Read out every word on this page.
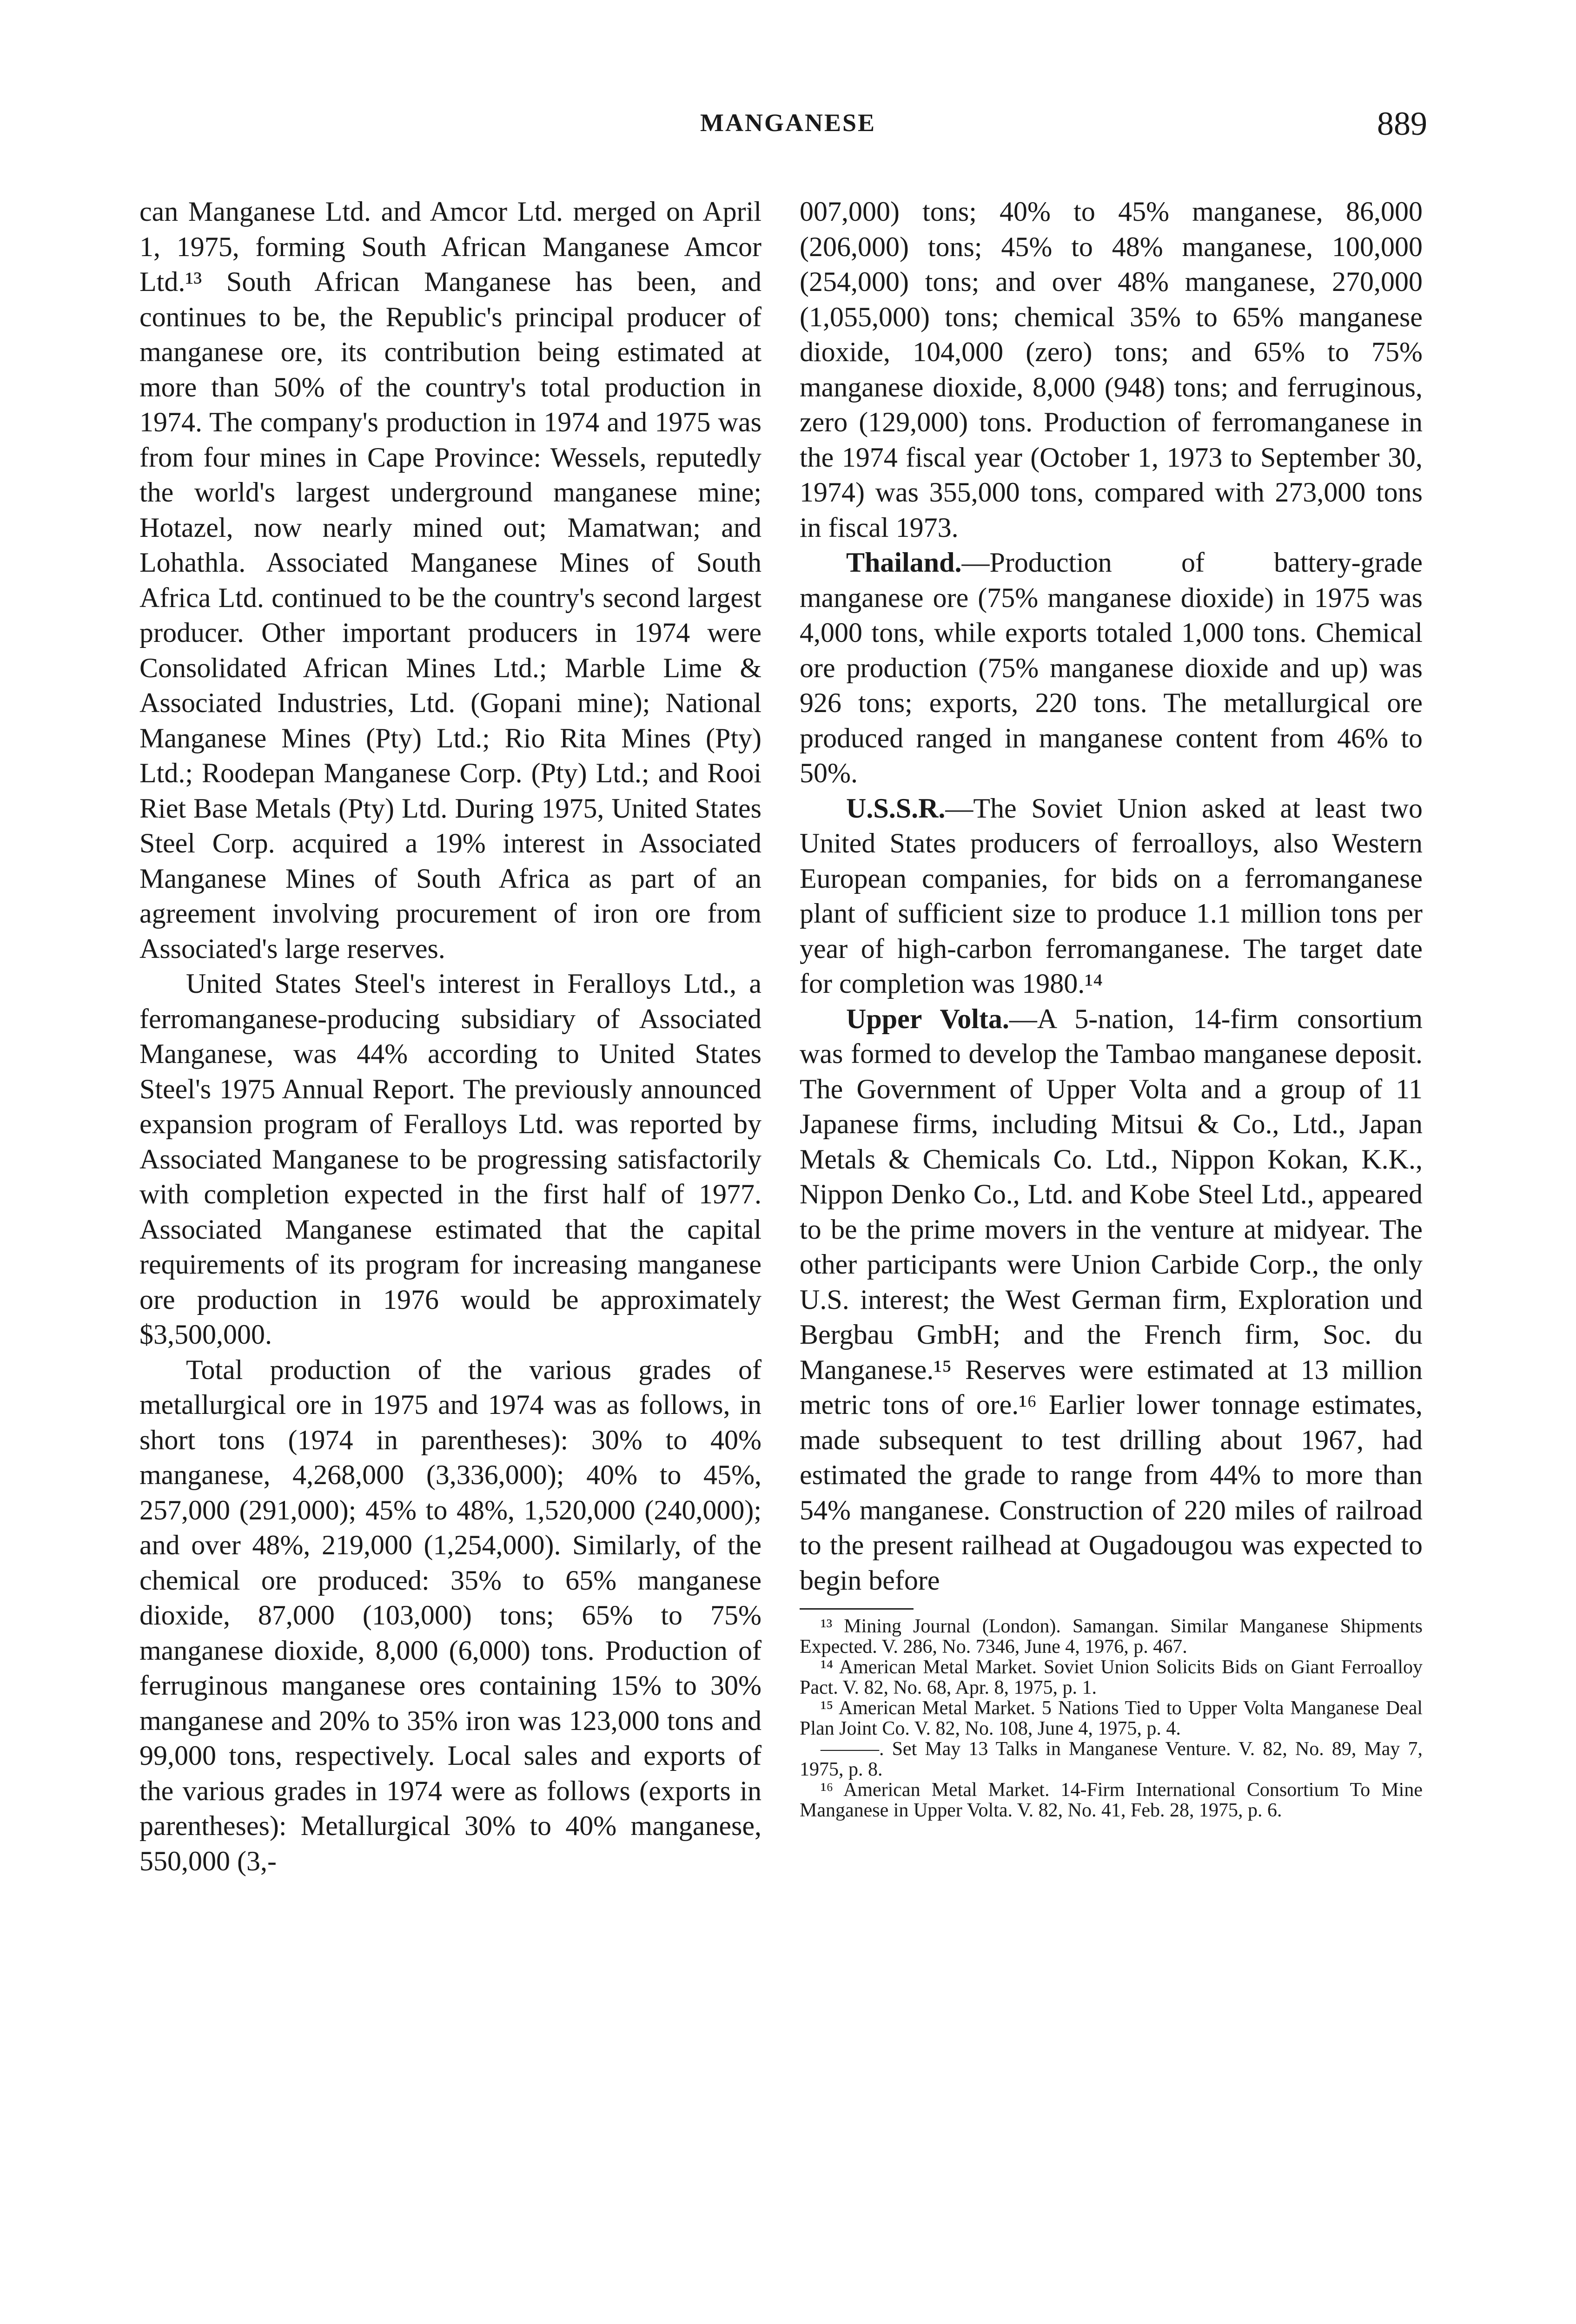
MANGANESE	889

can Manganese Ltd. and Amcor Ltd. merged on April 1, 1975, forming South African Manganese Amcor Ltd.¹³ South African Manganese has been, and continues to be, the Republic's principal producer of manganese ore, its contribution being estimated at more than 50% of the country's total production in 1974. The company's production in 1974 and 1975 was from four mines in Cape Province: Wessels, reputedly the world's largest underground manganese mine; Hotazel, now nearly mined out; Mamatwan; and Lohathla. Associated Manganese Mines of South Africa Ltd. continued to be the country's second largest producer. Other important producers in 1974 were Consolidated African Mines Ltd.; Marble Lime & Associated Industries, Ltd. (Gopani mine); National Manganese Mines (Pty) Ltd.; Rio Rita Mines (Pty) Ltd.; Roodepan Manganese Corp. (Pty) Ltd.; and Rooi Riet Base Metals (Pty) Ltd. During 1975, United States Steel Corp. acquired a 19% interest in Associated Manganese Mines of South Africa as part of an agreement involving procurement of iron ore from Associated's large reserves.

United States Steel's interest in Feralloys Ltd., a ferromanganese-producing subsidiary of Associated Manganese, was 44% according to United States Steel's 1975 Annual Report. The previously announced expansion program of Feralloys Ltd. was reported by Associated Manganese to be progressing satisfactorily with completion expected in the first half of 1977. Associated Manganese estimated that the capital requirements of its program for increasing manganese ore production in 1976 would be approximately $3,500,000.

Total production of the various grades of metallurgical ore in 1975 and 1974 was as follows, in short tons (1974 in parentheses): 30% to 40% manganese, 4,268,000 (3,336,000); 40% to 45%, 257,000 (291,000); 45% to 48%, 1,520,000 (240,000); and over 48%, 219,000 (1,254,000). Similarly, of the chemical ore produced: 35% to 65% manganese dioxide, 87,000 (103,000) tons; 65% to 75% manganese dioxide, 8,000 (6,000) tons. Production of ferruginous manganese ores containing 15% to 30% manganese and 20% to 35% iron was 123,000 tons and 99,000 tons, respectively. Local sales and exports of the various grades in 1974 were as follows (exports in parentheses): Metallurgical 30% to 40% manganese, 550,000 (3,-

007,000) tons; 40% to 45% manganese, 86,000 (206,000) tons; 45% to 48% manganese, 100,000 (254,000) tons; and over 48% manganese, 270,000 (1,055,000) tons; chemical 35% to 65% manganese dioxide, 104,000 (zero) tons; and 65% to 75% manganese dioxide, 8,000 (948) tons; and ferruginous, zero (129,000) tons. Production of ferromanganese in the 1974 fiscal year (October 1, 1973 to September 30, 1974) was 355,000 tons, compared with 273,000 tons in fiscal 1973.

Thailand.—Production of battery-grade manganese ore (75% manganese dioxide) in 1975 was 4,000 tons, while exports totaled 1,000 tons. Chemical ore production (75% manganese dioxide and up) was 926 tons; exports, 220 tons. The metallurgical ore produced ranged in manganese content from 46% to 50%.

U.S.S.R.—The Soviet Union asked at least two United States producers of ferroalloys, also Western European companies, for bids on a ferromanganese plant of sufficient size to produce 1.1 million tons per year of high-carbon ferromanganese. The target date for completion was 1980.¹⁴

Upper Volta.—A 5-nation, 14-firm consortium was formed to develop the Tambao manganese deposit. The Government of Upper Volta and a group of 11 Japanese firms, including Mitsui & Co., Ltd., Japan Metals & Chemicals Co. Ltd., Nippon Kokan, K.K., Nippon Denko Co., Ltd. and Kobe Steel Ltd., appeared to be the prime movers in the venture at midyear. The other participants were Union Carbide Corp., the only U.S. interest; the West German firm, Exploration und Bergbau GmbH; and the French firm, Soc. du Manganese.¹⁵ Reserves were estimated at 13 million metric tons of ore.¹⁶ Earlier lower tonnage estimates, made subsequent to test drilling about 1967, had estimated the grade to range from 44% to more than 54% manganese. Construction of 220 miles of railroad to the present railhead at Ougadougou was expected to begin before

¹³ Mining Journal (London). Samangan. Similar Manganese Shipments Expected. V. 286, No. 7346, June 4, 1976, p. 467.

¹⁴ American Metal Market. Soviet Union Solicits Bids on Giant Ferroalloy Pact. V. 82, No. 68, Apr. 8, 1975, p. 1.

¹⁵ American Metal Market. 5 Nations Tied to Upper Volta Manganese Deal Plan Joint Co. V. 82, No. 108, June 4, 1975, p. 4.

———. Set May 13 Talks in Manganese Venture. V. 82, No. 89, May 7, 1975, p. 8.

¹⁶ American Metal Market. 14-Firm International Consortium To Mine Manganese in Upper Volta. V. 82, No. 41, Feb. 28, 1975, p. 6.
